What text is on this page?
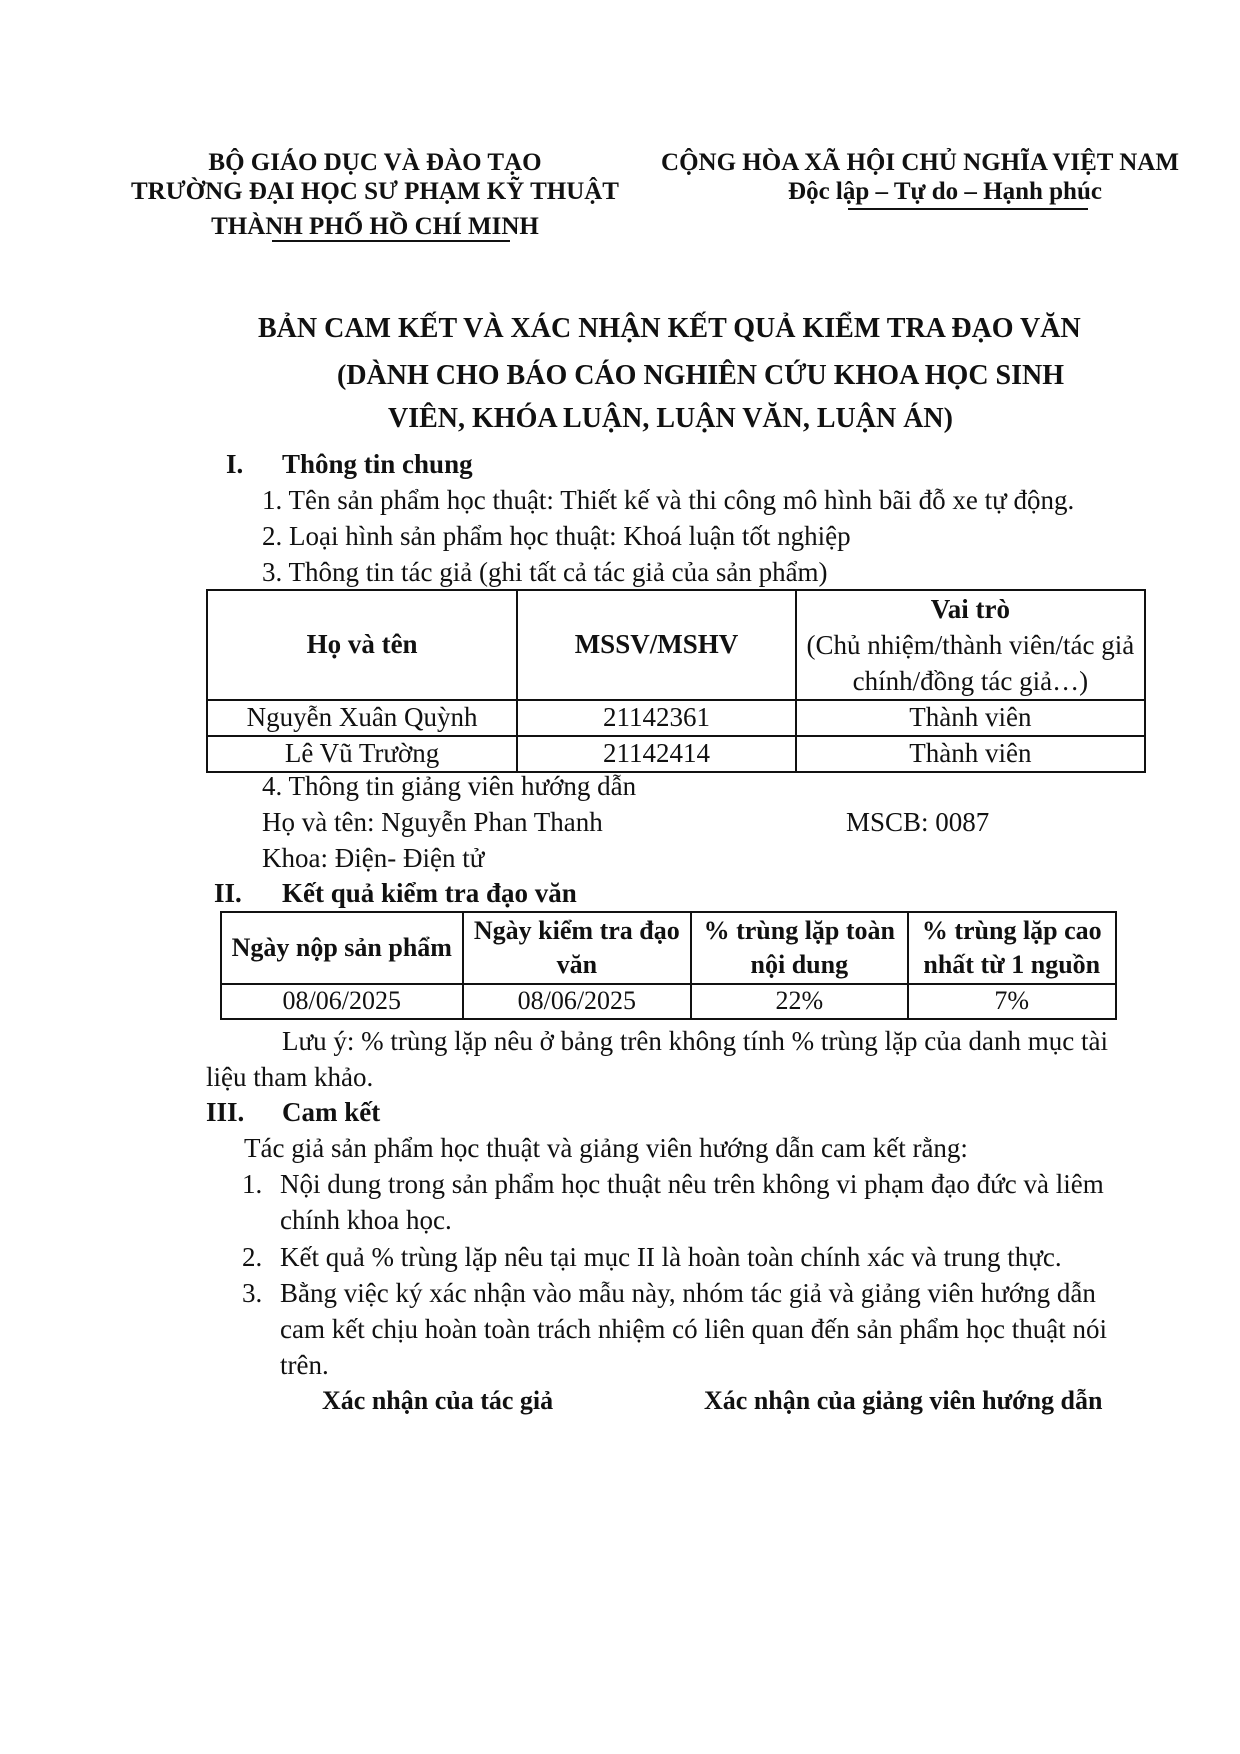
BỘ GIÁO DỤC VÀ ĐÀO TẠO
TRƯỜNG ĐẠI HỌC SƯ PHẠM KỸ THUẬT
THÀNH PHỐ HỒ CHÍ MINH
CỘNG HÒA XÃ HỘI CHỦ NGHĨA VIỆT NAM
Độc lập – Tự do – Hạnh phúc
BẢN CAM KẾT VÀ XÁC NHẬN KẾT QUẢ KIỂM TRA ĐẠO VĂN
(DÀNH CHO BÁO CÁO NGHIÊN CỨU KHOA HỌC SINH
VIÊN, KHÓA LUẬN, LUẬN VĂN, LUẬN ÁN)
I. Thông tin chung
1. Tên sản phẩm học thuật: Thiết kế và thi công mô hình bãi đỗ xe tự động.
2. Loại hình sản phẩm học thuật: Khoá luận tốt nghiệp
3. Thông tin tác giả (ghi tất cả tác giả của sản phẩm)
Họ và tên	MSSV/MSHV	Vai trò
(Chủ nhiệm/thành viên/tác giả chính/đồng tác giả…)

Nguyễn Xuân Quỳnh	21142361	Thành viên
Lê Vũ Trường	21142414	Thành viên
4. Thông tin giảng viên hướng dẫn
Họ và tên: Nguyễn Phan Thanh	MSCB: 0087
Khoa: Điện- Điện tử
II. Kết quả kiểm tra đạo văn
Ngày nộp sản phẩm	Ngày kiểm tra đạo văn	% trùng lặp toàn nội dung	% trùng lặp cao nhất từ 1 nguồn
08/06/2025	08/06/2025	22%	7%
Lưu ý: % trùng lặp nêu ở bảng trên không tính % trùng lặp của danh mục tài
liệu tham khảo.
III. Cam kết
Tác giả sản phẩm học thuật và giảng viên hướng dẫn cam kết rằng:
1. Nội dung trong sản phẩm học thuật nêu trên không vi phạm đạo đức và liêm
chính khoa học.
2. Kết quả % trùng lặp nêu tại mục II là hoàn toàn chính xác và trung thực.
3. Bằng việc ký xác nhận vào mẫu này, nhóm tác giả và giảng viên hướng dẫn
cam kết chịu hoàn toàn trách nhiệm có liên quan đến sản phẩm học thuật nói
trên.
Xác nhận của tác giả	Xác nhận của giảng viên hướng dẫn
